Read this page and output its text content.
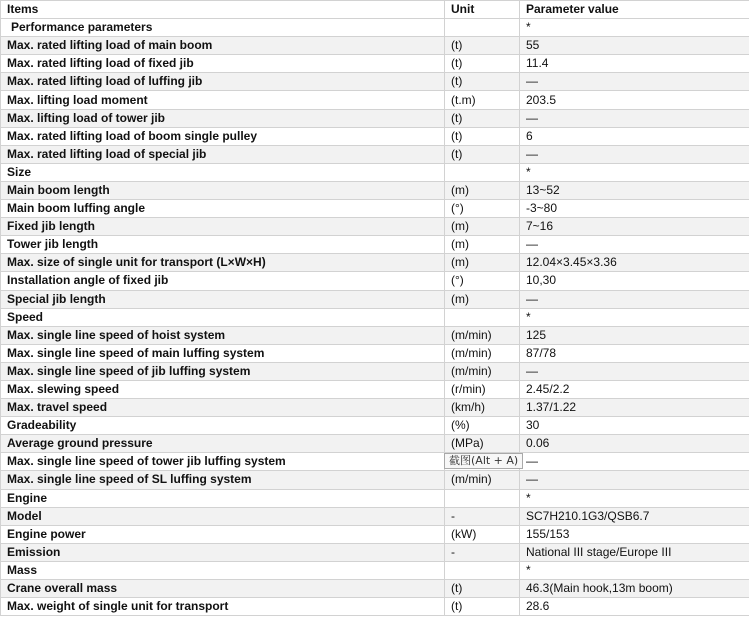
Items	Unit	Parameter value
Performance parameters		*
Max. rated lifting load of main boom	(t)	55
Max. rated lifting load of fixed jib	(t)	11.4
Max. rated lifting load of luffing jib	(t)	—
Max. lifting load moment	(t.m)	203.5
Max. lifting load of tower jib	(t)	—
Max. rated lifting load of boom single pulley	(t)	6
Max. rated lifting load of special jib	(t)	—
Size		*
Main boom length	(m)	13~52
Main boom luffing angle	(°)	-3~80
Fixed jib length	(m)	7~16
Tower jib length	(m)	—
Max. size of single unit for transport (L×W×H)	(m)	12.04×3.45×3.36
Installation angle of fixed jib	(°)	10,30
Special jib length	(m)	—
Speed		*
Max. single line speed of hoist system	(m/min)	125
Max. single line speed of main luffing system	(m/min)	87/78
Max. single line speed of jib luffing system	(m/min)	—
Max. slewing speed	(r/min)	2.45/2.2
Max. travel speed	(km/h)	1.37/1.22
Gradeability	(%)	30
Average ground pressure	(MPa)	0.06
Max. single line speed of tower jib luffing system		—
Max. single line speed of SL luffing system	(m/min)	—
Engine		*
Model	-	SC7H210.1G3/QSB6.7
Engine power	(kW)	155/153
Emission	-	National III stage/Europe III
Mass		*
Crane overall mass	(t)	46.3(Main hook,13m boom)
Max. weight of single unit for transport	(t)	28.6
截图(Alt + A)
